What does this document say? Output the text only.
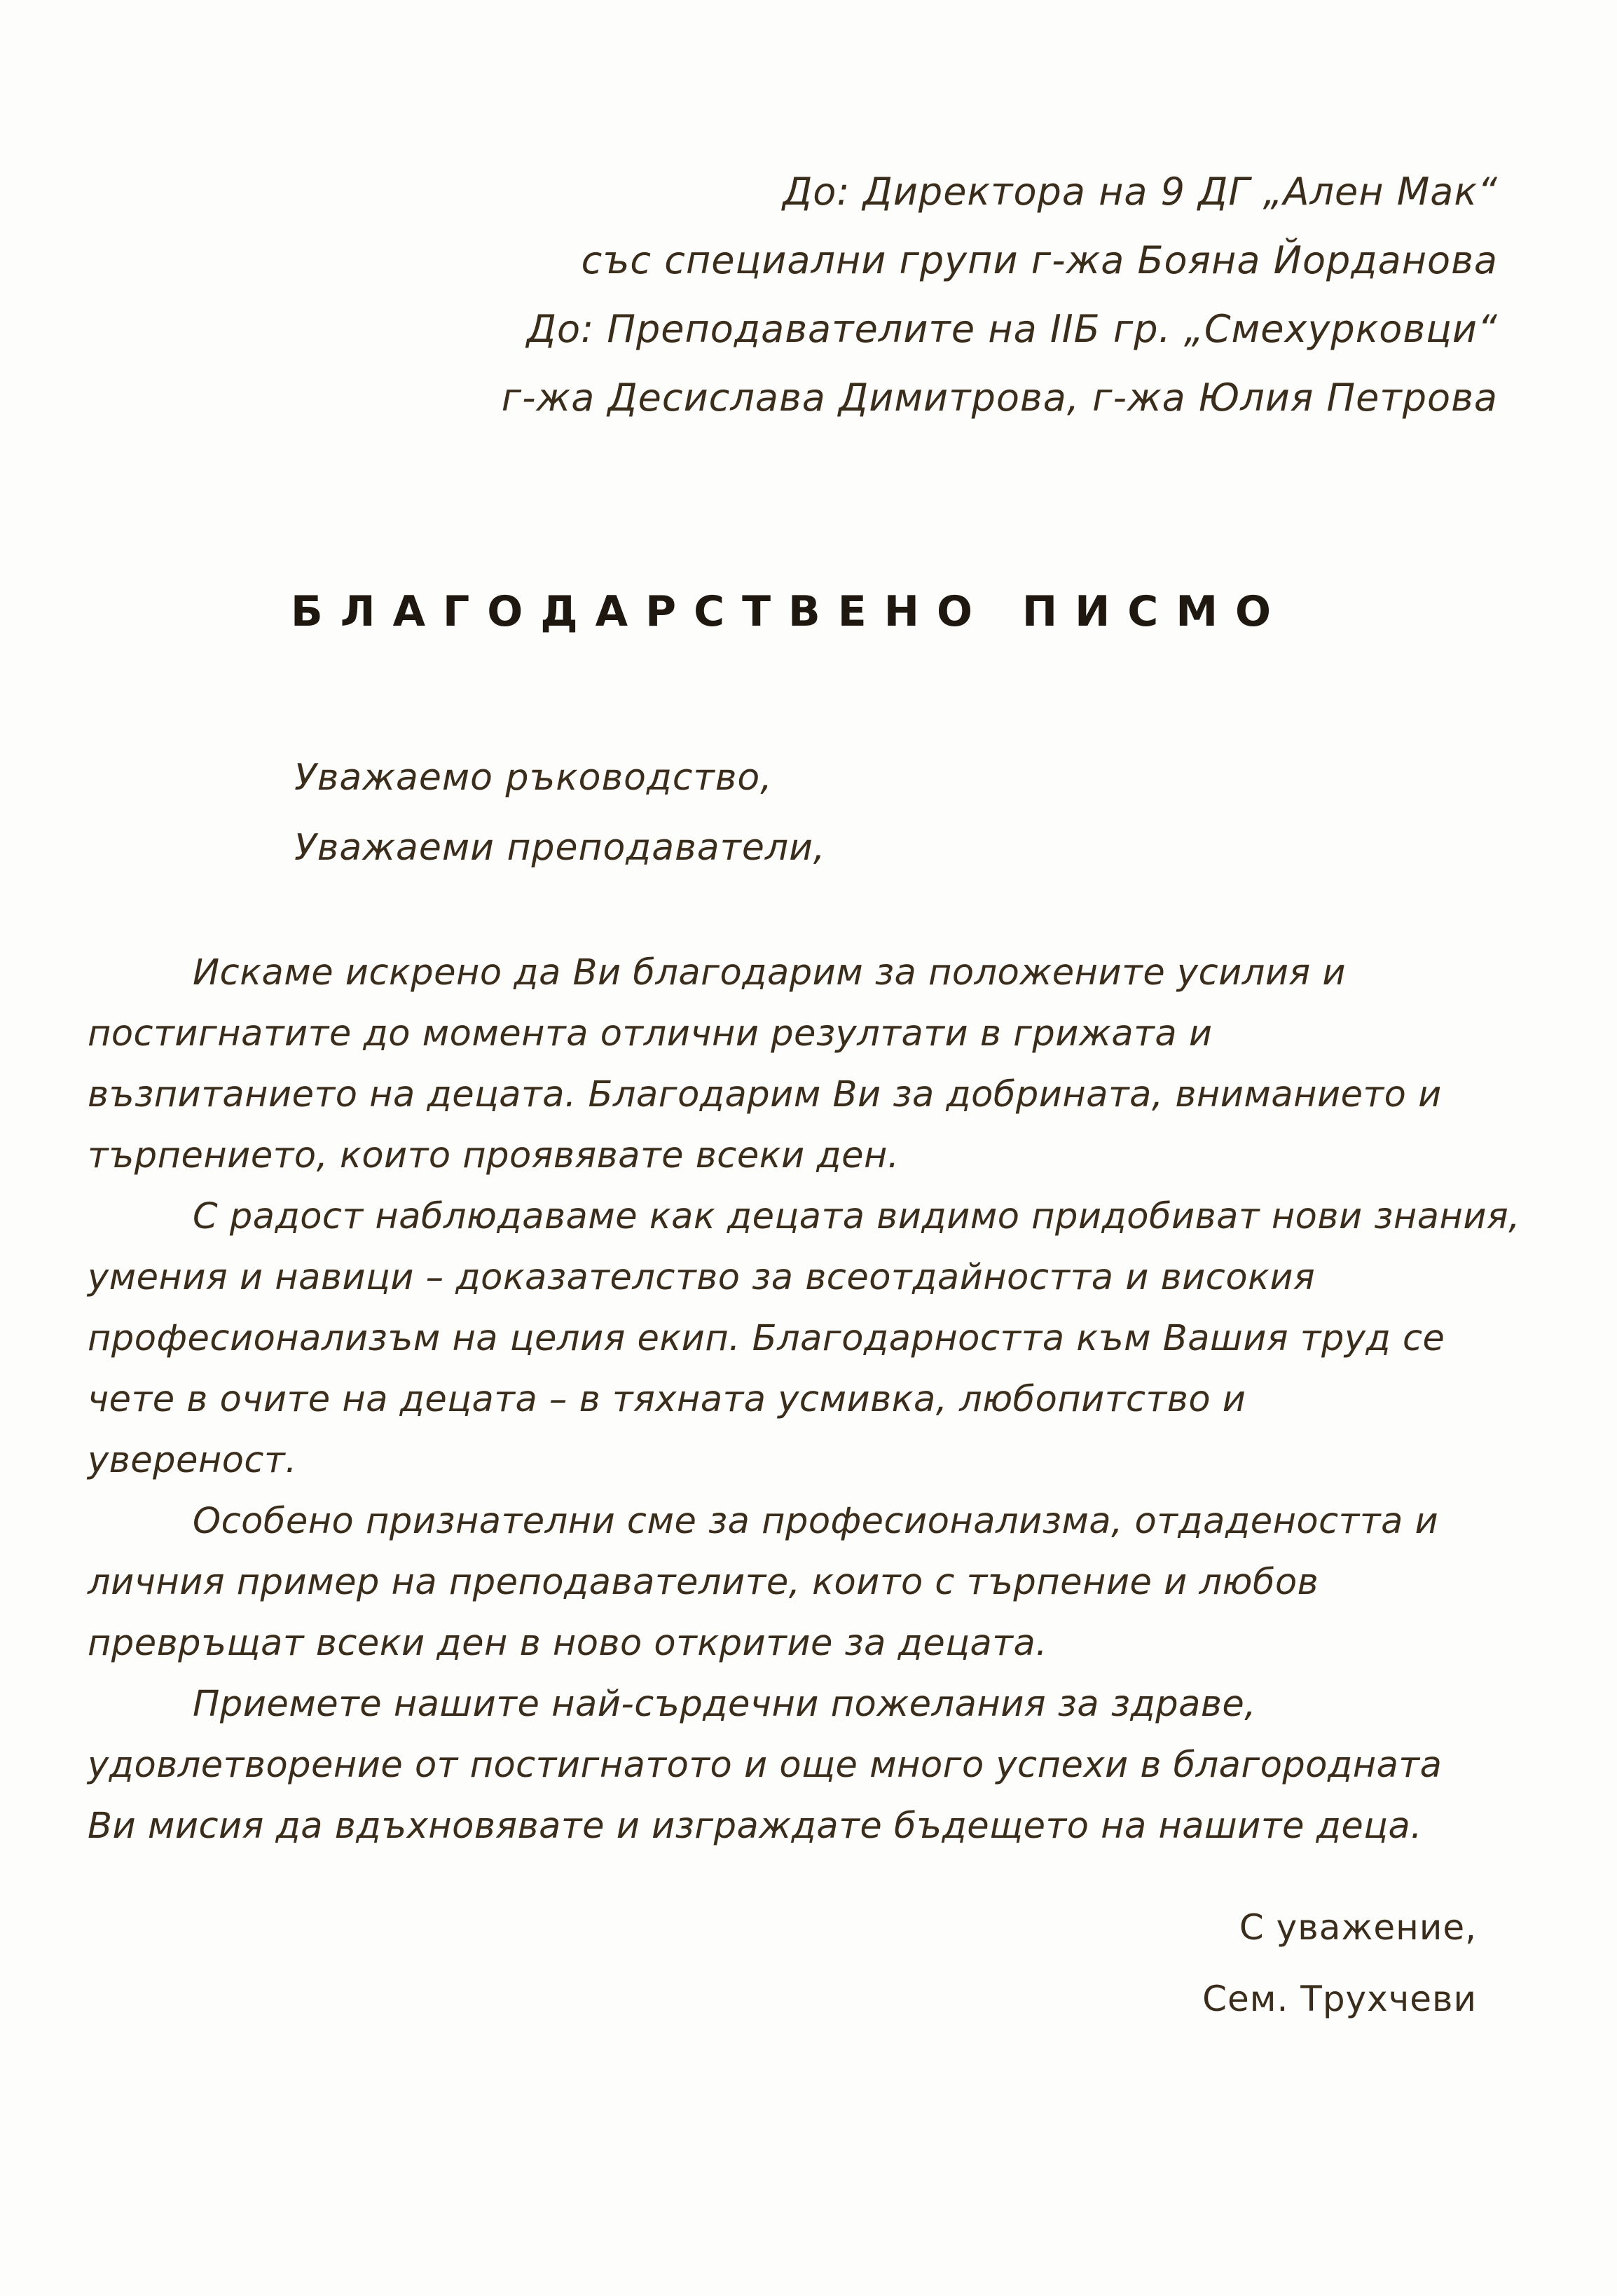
До: Директора на 9 ДГ „Ален Мак“
със специални групи г-жа Бояна Йорданова
До: Преподавателите на IIБ гр. „Смехурковци“
г-жа Десислава Димитрова, г-жа Юлия Петрова
БЛАГОДАРСТВЕНО ПИСМО
Уважаемо ръководство,
Уважаеми преподаватели,
Искаме искрено да Ви благодарим за положените усилия и
постигнатите до момента отлични резултати в грижата и
възпитанието на децата. Благодарим Ви за добрината, вниманието и
търпението, които проявявате всеки ден.
С радост наблюдаваме как децата видимо придобиват нови знания,
умения и навици – доказателство за всеотдайността и високия
професионализъм на целия екип. Благодарността към Вашия труд се
чете в очите на децата – в тяхната усмивка, любопитство и
увереност.
Особено признателни сме за професионализма, отдадеността и
личния пример на преподавателите, които с търпение и любов
превръщат всеки ден в ново откритие за децата.
Приемете нашите най-сърдечни пожелания за здраве,
удовлетворение от постигнатото и още много успехи в благородната
Ви мисия да вдъхновявате и изграждате бъдещето на нашите деца.
С уважение,
Сем. Трухчеви
